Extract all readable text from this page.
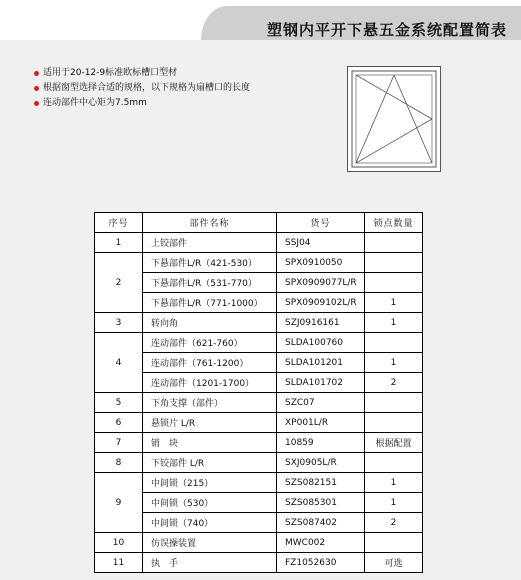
塑钢内平开下悬五金系统配置简表
适用于20-12-9标准欧标槽口型材
根据窗型选择合适的规格，以下规格为扇槽口的长度
连动部件中心矩为7.5mm
序号	部件名称	货号	锁点数量
1	上铰部件	SSJ04	
2	下悬部件L/R（421-530）	SPX0910050	
	下悬部件L/R（531-770）	SPX0909077L/R	
	下悬部件L/R（771-1000）	SPX0909102L/R	1
3	转向角	SZJ0916161	1
4	连动部件（621-760）	SLDA100760	
	连动部件（761-1200）	SLDA101201	1
	连动部件（1201-1700）	SLDA101702	2
5	下角支撑（部件）	SZC07	
6	悬锁片 L/R	XP001L/R	
7	销　块	10859	根据配置
8	下铰部件 L/R	SXJ0905L/R	
9	中间锁（215）	SZS082151	1
	中间锁（530）	SZS085301	1
	中间锁（740）	SZS087402	2
10	仿误操装置	MWC002	
11	执　手	FZ1052630	可选
